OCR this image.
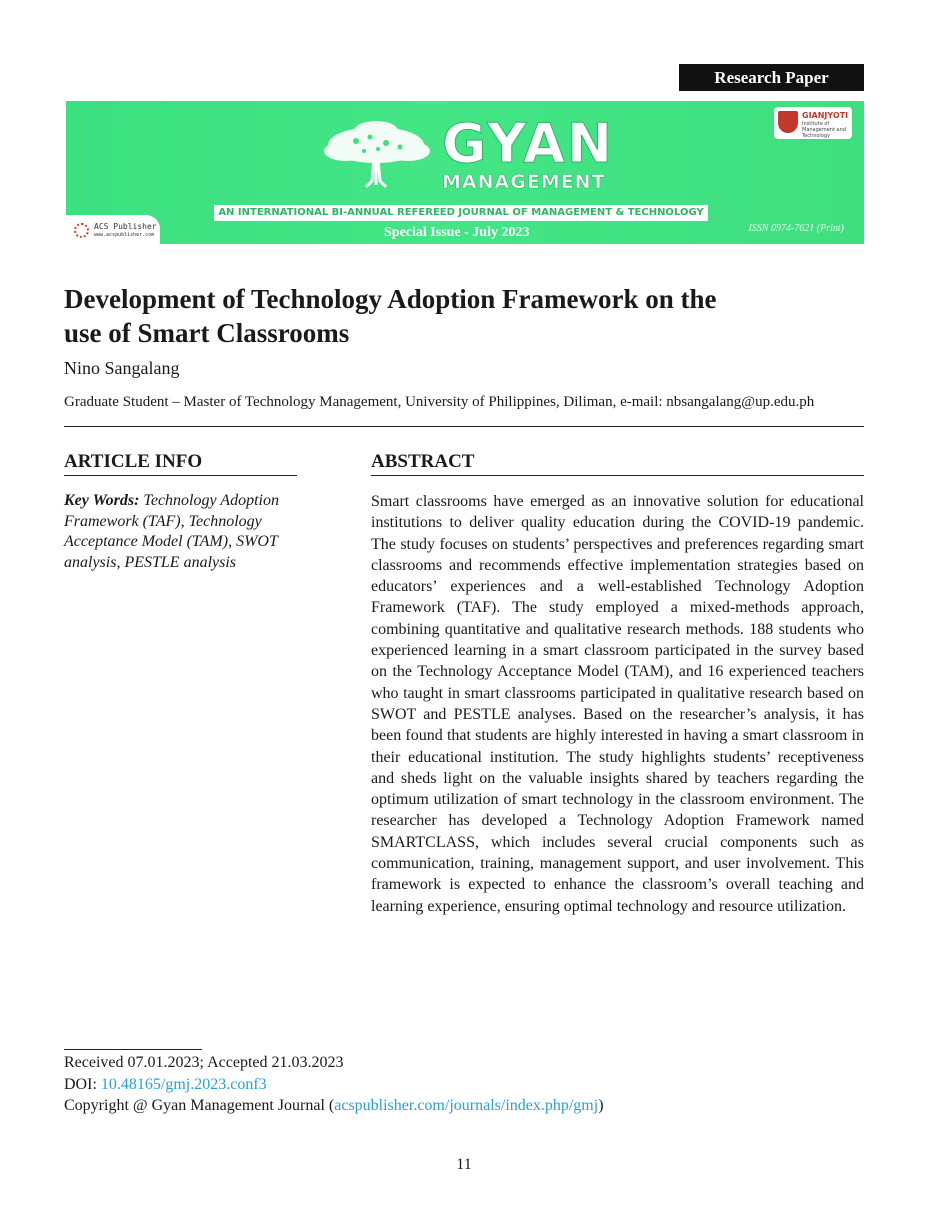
Research Paper
GYAN
MANAGEMENT
AN INTERNATIONAL BI-ANNUAL REFEREED JOURNAL OF MANAGEMENT & TECHNOLOGY
Special Issue - July 2023	ISSN 0974-7621 (Print)
ACS Publisher
www.acspublisher.com
GIANJYOTI
Institute of Management and Technology
Development of Technology Adoption Framework on the
use of Smart Classrooms
Nino Sangalang
Graduate Student – Master of Technology Management, University of Philippines, Diliman, e-mail: nbsangalang@up.edu.ph
ARTICLE INFO
Key Words: Technology Adoption Framework (TAF), Technology Acceptance Model (TAM), SWOT analysis, PESTLE analysis
ABSTRACT

Smart classrooms have emerged as an innovative solution for educational institutions to deliver quality education during the COVID-19 pandemic. The study focuses on students’ perspectives and preferences regarding smart classrooms and recommends effective implementation strategies based on educators’ experiences and a well-established Technology Adoption Framework (TAF). The study employed a mixed-methods approach, combining quantitative and qualitative research methods. 188 students who experienced learning in a smart classroom participated in the survey based on the Technology Acceptance Model (TAM), and 16 experienced teachers who taught in smart classrooms participated in qualitative research based on SWOT and PESTLE analyses. Based on the researcher’s analysis, it has been found that students are highly interested in having a smart classroom in their educational institution. The study highlights students’ receptiveness and sheds light on the valuable insights shared by teachers regarding the optimum utilization of smart technology in the classroom environment. The researcher has developed a Technology Adoption Framework named SMARTCLASS, which includes several crucial components such as communication, training, management support, and user involvement. This framework is expected to enhance the classroom’s overall teaching and learning experience, ensuring optimal technology and resource utilization.

Received 07.01.2023; Accepted 21.03.2023
DOI: 10.48165/gmj.2023.conf3
Copyright @ Gyan Management Journal (acspublisher.com/journals/index.php/gmj)
11
